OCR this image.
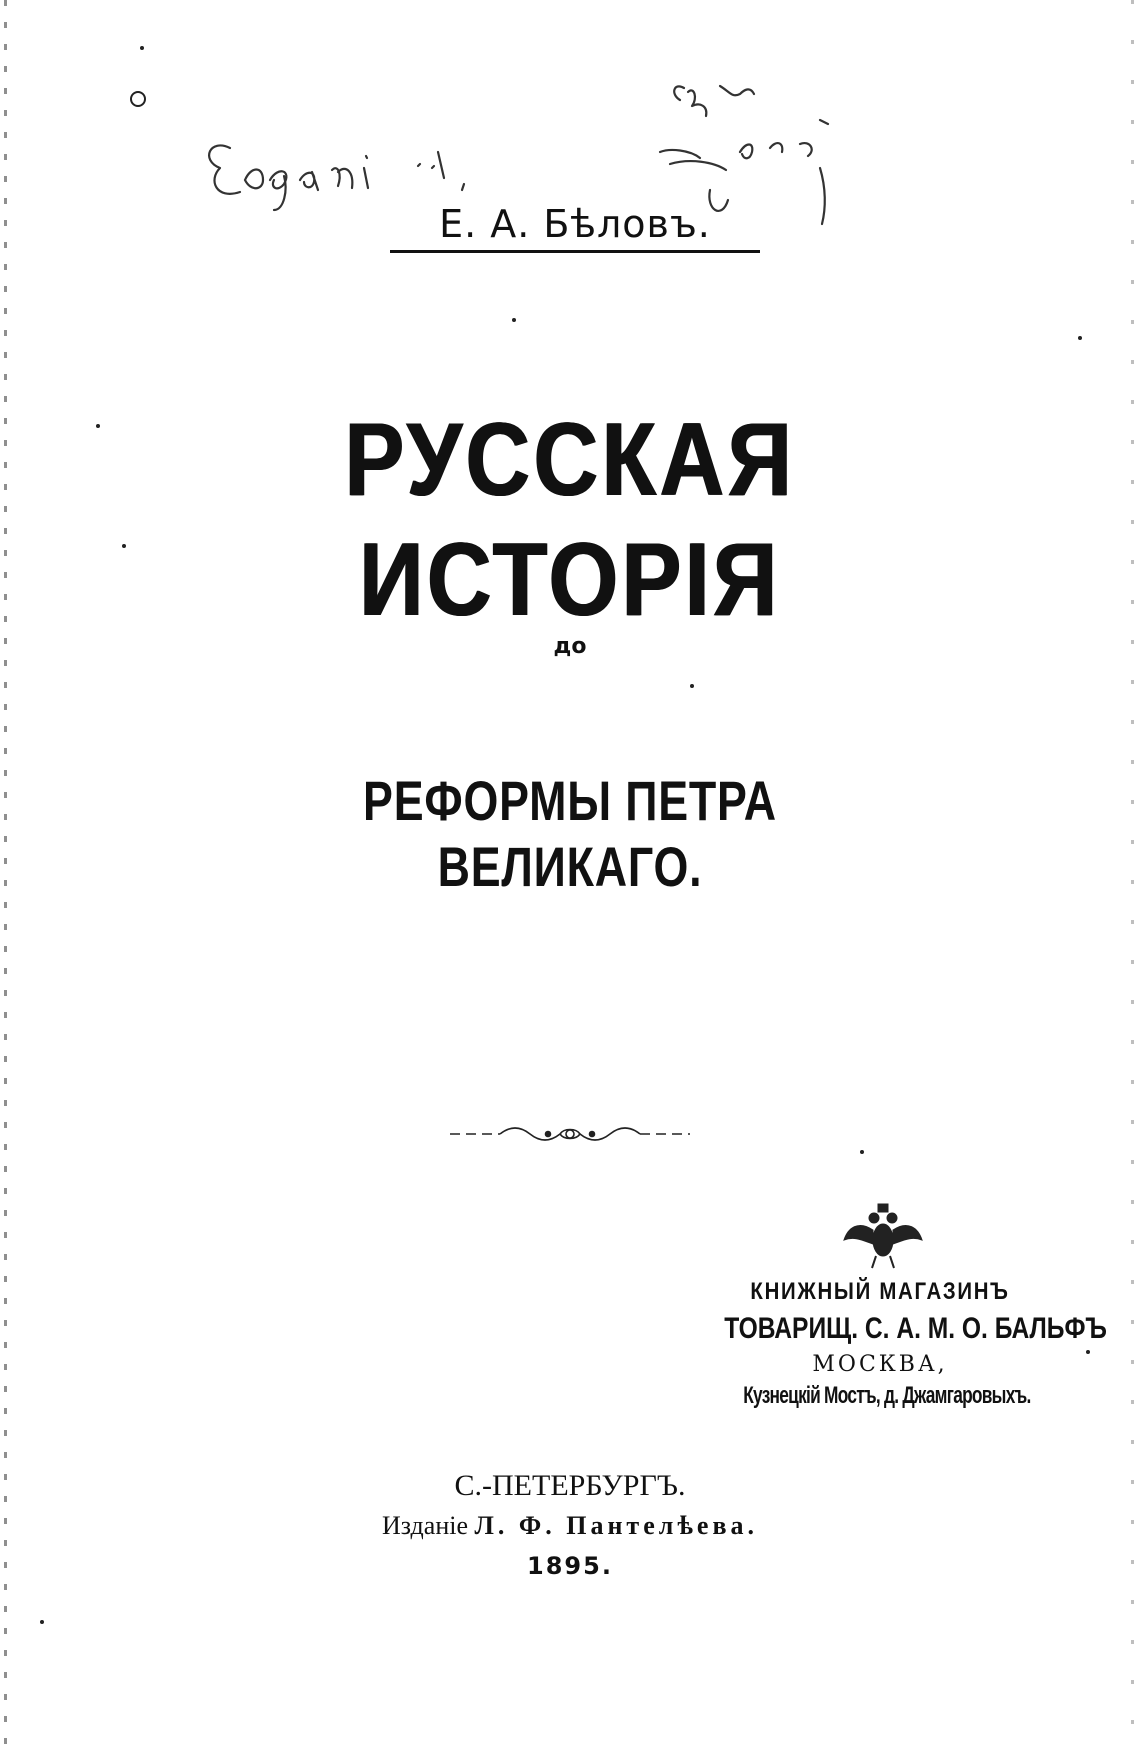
Е. А. Бѣловъ.
РУССКАЯ ИСТОРІЯ
до
РЕФОРМЫ ПЕТРА ВЕЛИКАГО.
КНИЖНЫЙ МАГАЗИНЪ
ТОВАРИЩ. С. А. М. О. БАЛЬФЪ
МОСКВА,
Кузнецкій Мостъ, д. Джамгаровыхъ.
С.-ПЕТЕРБУРГЪ.
Изданіе Л. Ф. Пантелѣева.
1895.
